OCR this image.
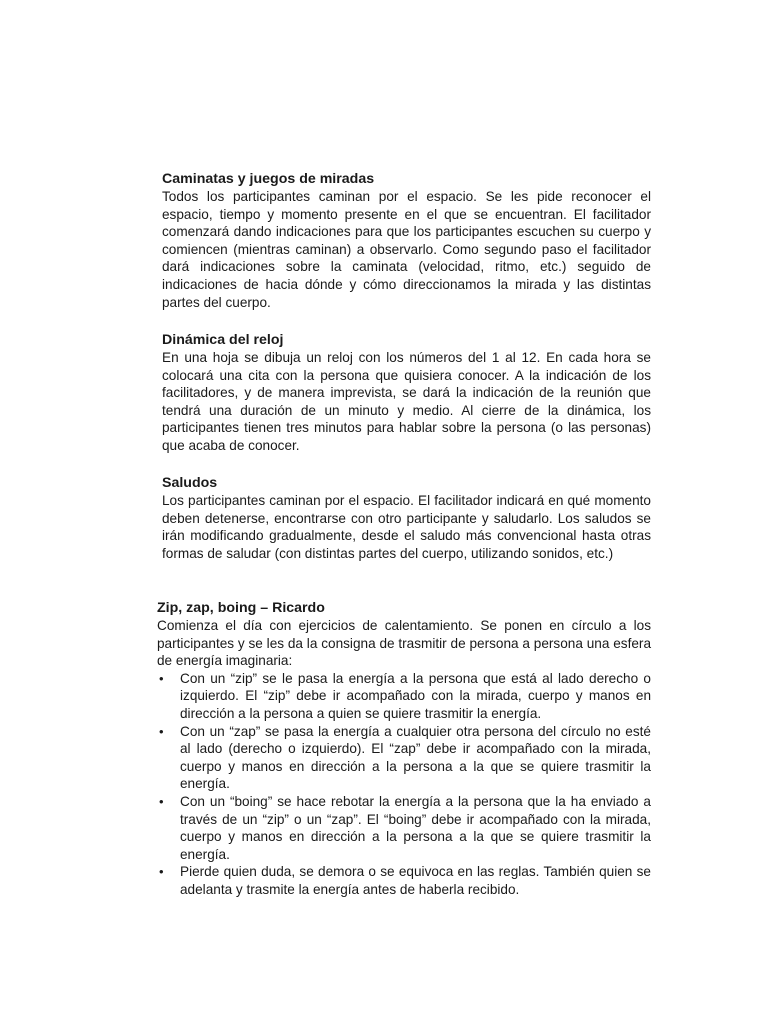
Caminatas y juegos de miradas

Todos los participantes caminan por el espacio. Se les pide reconocer el espacio, tiempo y momento presente en el que se encuentran. El facilitador comenzará dando indicaciones para que los participantes escuchen su cuerpo y comiencen (mientras caminan) a observarlo. Como segundo paso el facilitador dará indicaciones sobre la caminata (velocidad, ritmo, etc.) seguido de indicaciones de hacia dónde y cómo direccionamos la mirada y las distintas partes del cuerpo.

Dinámica del reloj

En una hoja se dibuja un reloj con los números del 1 al 12. En cada hora se colocará una cita con la persona que quisiera conocer. A la indicación de los facilitadores, y de manera imprevista, se dará la indicación de la reunión que tendrá una duración de un minuto y medio. Al cierre de la dinámica, los participantes tienen tres minutos para hablar sobre la persona (o las personas) que acaba de conocer.

Saludos

Los participantes caminan por el espacio. El facilitador indicará en qué momento deben detenerse, encontrarse con otro participante y saludarlo. Los saludos se irán modificando gradualmente, desde el saludo más convencional hasta otras formas de saludar (con distintas partes del cuerpo, utilizando sonidos, etc.)

Zip, zap, boing – Ricardo

Comienza el día con ejercicios de calentamiento. Se ponen en círculo a los participantes y se les da la consigna de trasmitir de persona a persona una esfera de energía imaginaria:

• Con un “zip” se le pasa la energía a la persona que está al lado derecho o izquierdo. El “zip” debe ir acompañado con la mirada, cuerpo y manos en dirección a la persona a quien se quiere trasmitir la energía.
• Con un “zap” se pasa la energía a cualquier otra persona del círculo no esté al lado (derecho o izquierdo). El “zap” debe ir acompañado con la mirada, cuerpo y manos en dirección a la persona a la que se quiere trasmitir la energía.
• Con un “boing” se hace rebotar la energía a la persona que la ha enviado a través de un “zip” o un “zap”. El “boing” debe ir acompañado con la mirada, cuerpo y manos en dirección a la persona a la que se quiere trasmitir la energía.
• Pierde quien duda, se demora o se equivoca en las reglas. También quien se adelanta y trasmite la energía antes de haberla recibido.
